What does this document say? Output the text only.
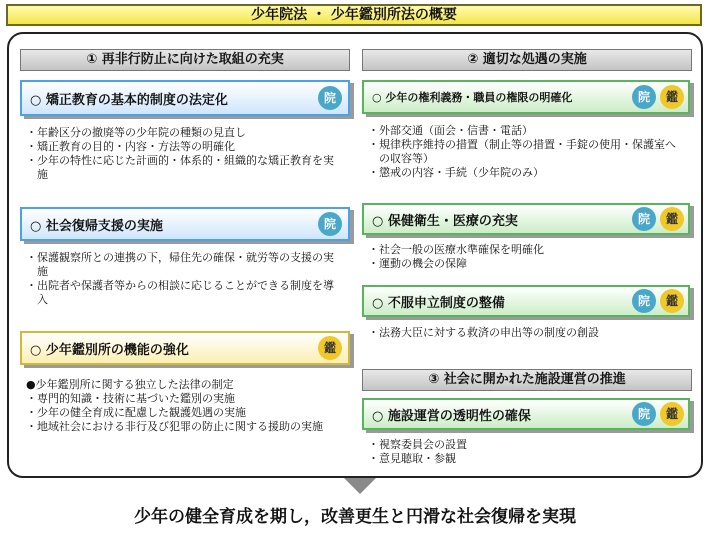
少年院法 ・ 少年鑑別所法の概要
① 再非行防止に向けた取組の充実
○ 矯正教育の基本的制度の法定化	院
・年齢区分の撤廃等の少年院の種類の見直し
・矯正教育の目的・内容・方法等の明確化
・少年の特性に応じた計画的・体系的・組織的な矯正教育を実施
○ 社会復帰支援の実施	院
・保護観察所との連携の下，帰住先の確保・就労等の支援の実施
・出院者や保護者等からの相談に応じることができる制度を導入
○ 少年鑑別所の機能の強化	鑑
●少年鑑別所に関する独立した法律の制定
・専門的知識・技術に基づいた鑑別の実施
・少年の健全育成に配慮した観護処遇の実施
・地域社会における非行及び犯罪の防止に関する援助の実施
② 適切な処遇の実施
○ 少年の権利義務・職員の権限の明確化	院	鑑
・外部交通（面会・信書・電話）
・規律秩序維持の措置（制止等の措置・手錠の使用・保護室への収容等）
・懲戒の内容・手続（少年院のみ）
○ 保健衛生・医療の充実	院	鑑
・社会一般の医療水準確保を明確化
・運動の機会の保障
○ 不服申立制度の整備	院	鑑
・法務大臣に対する救済の申出等の制度の創設
③ 社会に開かれた施設運営の推進
○ 施設運営の透明性の確保	院	鑑
・視察委員会の設置
・意見聴取・参観
少年の健全育成を期し，改善更生と円滑な社会復帰を実現
